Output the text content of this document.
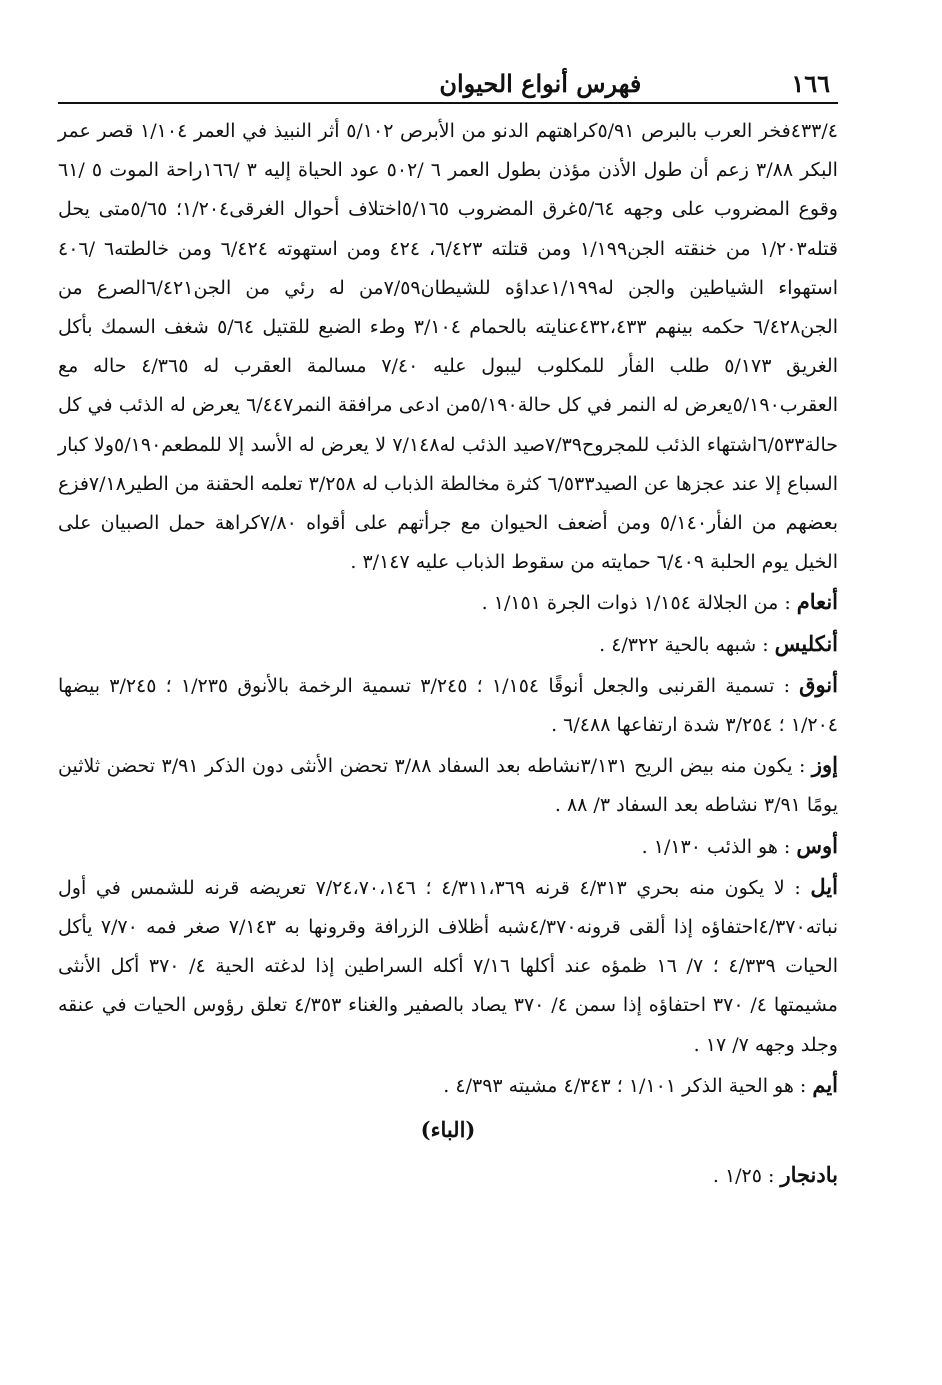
١٦٦
فهرس أنواع الحيوان

٤٣٣/٤فخر العرب بالبرص ٥/٩١كراهتهم الدنو من الأبرص ٥/١٠٢ أثر النبيذ في العمر ١/١٠٤ قصر عمر البكر ٣/٨٨ زعم أن طول الأذن مؤذن بطول العمر ٦ /٥٠٢ عود الحياة إليه ٣ /١٦٦راحة الموت ٥ /٦١ وقوع المضروب على وجهه ٥/٦٤غرق المضروب ٥/١٦٥اختلاف أحوال الغرقى١/٢٠٤؛ ٥/٦٥متى يحل قتله١/٢٠٣ من خنقته الجن١/١٩٩ ومن قتلته ٦/٤٢٣، ٤٢٤ ومن استهوته ٦/٤٢٤ ومن خالطته٦ /٤٠٦ استهواء الشياطين والجن له١/١٩٩عداؤه للشيطان٧/٥٩من له رئي من الجن٦/٤٢١الصرع من الجن٦/٤٢٨ حكمه بينهم ٤٣٢،٤٣٣عنايته بالحمام ٣/١٠٤ وطء الضبع للقتيل ٥/٦٤ شغف السمك بأكل الغريق ٥/١٧٣ طلب الفأر للمكلوب ليبول عليه ٧/٤٠ مسالمة العقرب له ٤/٣٦٥ حاله مع العقرب٥/١٩٠يعرض له النمر في كل حالة٥/١٩٠من ادعى مرافقة النمر٦/٤٤٧ يعرض له الذئب في كل حالة٦/٥٣٣اشتهاء الذئب للمجروح٧/٣٩صيد الذئب له٧/١٤٨ لا يعرض له الأسد إلا للمطعم٥/١٩٠ولا كبار السباع إلا عند عجزها عن الصيد٦/٥٣٣ كثرة مخالطة الذباب له ٣/٢٥٨ تعلمه الحقنة من الطير٧/١٨فزع بعضهم من الفأر٥/١٤٠ ومن أضعف الحيوان مع جرأتهم على أقواه ٧/٨٠كراهة حمل الصبيان على الخيل يوم الحلبة ٦/٤٠٩ حمايته من سقوط الذباب عليه ٣/١٤٧ .

أنعام : من الجلالة ١/١٥٤ ذوات الجرة ١/١٥١ .

أنكليس : شبهه بالحية ٤/٣٢٢ .

أنوق : تسمية القرنبى والجعل أنوقًا ١/١٥٤ ؛ ٣/٢٤٥ تسمية الرخمة بالأنوق ١/٢٣٥ ؛ ٣/٢٤٥ بيضها ١/٢٠٤ ؛ ٣/٢٥٤ شدة ارتفاعها ٦/٤٨٨ .

إوز : يكون منه بيض الريح ٣/١٣١نشاطه بعد السفاد ٣/٨٨ تحضن الأنثى دون الذكر ٣/٩١ تحضن ثلاثين يومًا ٣/٩١ نشاطه بعد السفاد ٣/ ٨٨ .

أوس : هو الذئب ١/١٣٠ .

أيل : لا يكون منه بحري ٤/٣١٣ قرنه ٤/٣١١،٣٦٩ ؛ ٧/٢٤،٧٠،١٤٦ تعريضه قرنه للشمس في أول نباته٤/٣٧٠احتفاؤه إذا ألقى قرونه٤/٣٧٠شبه أظلاف الزرافة وقرونها به ٧/١٤٣ صغر فمه ٧/٧٠ يأكل الحيات ٤/٣٣٩ ؛ ٧/ ١٦ ظمؤه عند أكلها ٧/١٦ أكله السراطين إذا لدغته الحية ٤/ ٣٧٠ أكل الأنثى مشيمتها ٤/ ٣٧٠ احتفاؤه إذا سمن ٤/ ٣٧٠ يصاد بالصفير والغناء ٤/٣٥٣ تعلق رؤوس الحيات في عنقه وجلد وجهه ٧/ ١٧ .

أيم : هو الحية الذكر ١/١٠١ ؛ ٤/٣٤٣ مشيته ٤/٣٩٣ .

(الباء)

بادنجار : ١/٢٥ .
